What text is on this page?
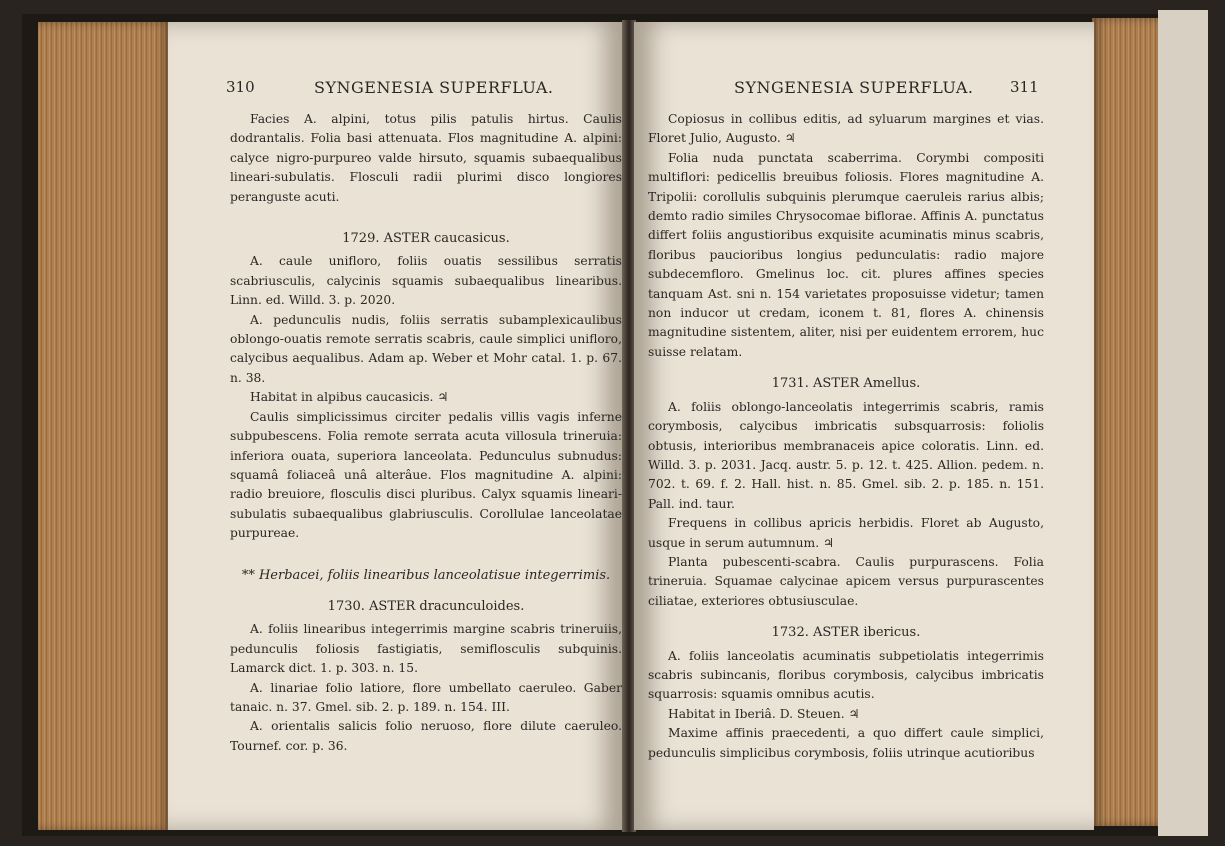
310	SYNGENESIA SUPERFLUA.

Facies A. alpini, totus pilis patulis hirtus. Caulis dodrantalis. Folia basi attenuata. Flos magnitudine A. alpini: calyce nigro-purpureo valde hirsuto, squamis subaequalibus lineari-subulatis. Flosculi radii plurimi disco longiores peranguste acuti.

1729. ASTER caucasicus.

A. caule unifloro, foliis ouatis sessilibus serratis scabriusculis, calycinis squamis subaequalibus linearibus. Linn. ed. Willd. 3. p. 2020.

A. pedunculis nudis, foliis serratis subamplexicaulibus oblongo-ouatis remote serratis scabris, caule simplici unifloro, calycibus aequalibus. Adam ap. Weber et Mohr catal. 1. p. 67. n. 38.

Habitat in alpibus caucasicis. ♃

Caulis simplicissimus circiter pedalis villis vagis inferne subpubescens. Folia remote serrata acuta villosula trineruia: inferiora ouata, superiora lanceolata. Pedunculus subnudus: squamâ foliaceâ unâ alterâue. Flos magnitudine A. alpini: radio breuiore, flosculis disci pluribus. Calyx squamis lineari-subulatis subaequalibus glabriusculis. Corollulae lanceolatae purpureae.

** Herbacei, foliis linearibus lanceolatisue integerrimis.

1730. ASTER dracunculoides.

A. foliis linearibus integerrimis margine scabris trineruiis, pedunculis foliosis fastigiatis, semiflosculis subquinis. Lamarck dict. 1. p. 303. n. 15.

A. linariae folio latiore, flore umbellato caeruleo. Gaber tanaic. n. 37. Gmel. sib. 2. p. 189. n. 154. III.

A. orientalis salicis folio neruoso, flore dilute caeruleo. Tournef. cor. p. 36.

SYNGENESIA SUPERFLUA. 311

Copiosus in collibus editis, ad syluarum margines et vias. Floret Julio, Augusto. ♃

Folia nuda punctata scaberrima. Corymbi compositi multiflori: pedicellis breuibus foliosis. Flores magnitudine A. Tripolii: corollulis subquinis plerumque caeruleis rarius albis; demto radio similes Chrysocomae biflorae. Affinis A. punctatus differt foliis angustioribus exquisite acuminatis minus scabris, floribus paucioribus longius pedunculatis: radio majore subdecemfloro. Gmelinus loc. cit. plures affines species tanquam Ast. sni n. 154 varietates proposuisse videtur; tamen non inducor ut credam, iconem t. 81, flores A. chinensis magnitudine sistentem, aliter, nisi per euidentem errorem, huc suisse relatam.

1731. ASTER Amellus.

A. foliis oblongo-lanceolatis integerrimis scabris, ramis corymbosis, calycibus imbricatis subsquarrosis: foliolis obtusis, interioribus membranaceis apice coloratis. Linn. ed. Willd. 3. p. 2031. Jacq. austr. 5. p. 12. t. 425. Allion. pedem. n. 702. t. 69. f. 2. Hall. hist. n. 85. Gmel. sib. 2. p. 185. n. 151. Pall. ind. taur.

Frequens in collibus apricis herbidis. Floret ab Augusto, usque in serum autumnum. ♃

Planta pubescenti-scabra. Caulis purpurascens. Folia trineruia. Squamae calycinae apicem versus purpurascentes ciliatae, exteriores obtusiusculae.

1732. ASTER ibericus.

A. foliis lanceolatis acuminatis subpetiolatis integerrimis scabris subincanis, floribus corymbosis, calycibus imbricatis squarrosis: squamis omnibus acutis.

Habitat in Iberiâ. D. Steuen. ♃

Maxime affinis praecedenti, a quo differt caule simplici, pedunculis simplicibus corymbosis, foliis utrinque acutioribus
